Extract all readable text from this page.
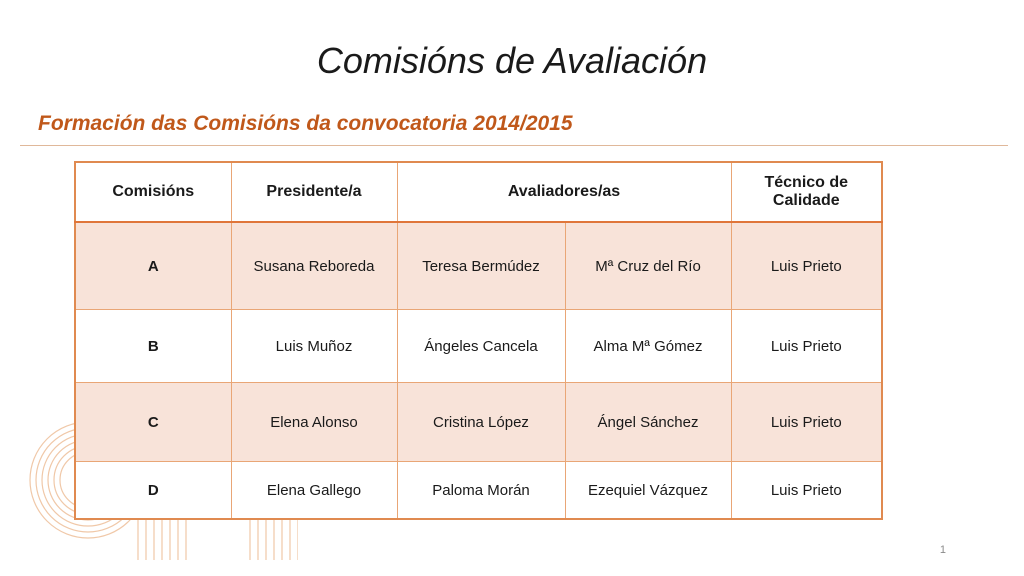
Comisións de Avaliación
Formación das Comisións da convocatoria 2014/2015
Comisións	Presidente/a	Avaliadores/as		Técnico de Calidade
A	Susana Reboreda	Teresa Bermúdez	Mª Cruz del Río	Luis Prieto
B	Luis Muñoz	Ángeles Cancela	Alma Mª Gómez	Luis Prieto
C	Elena Alonso	Cristina López	Ángel Sánchez	Luis Prieto
D	Elena Gallego	Paloma Morán	Ezequiel Vázquez	Luis Prieto
1
